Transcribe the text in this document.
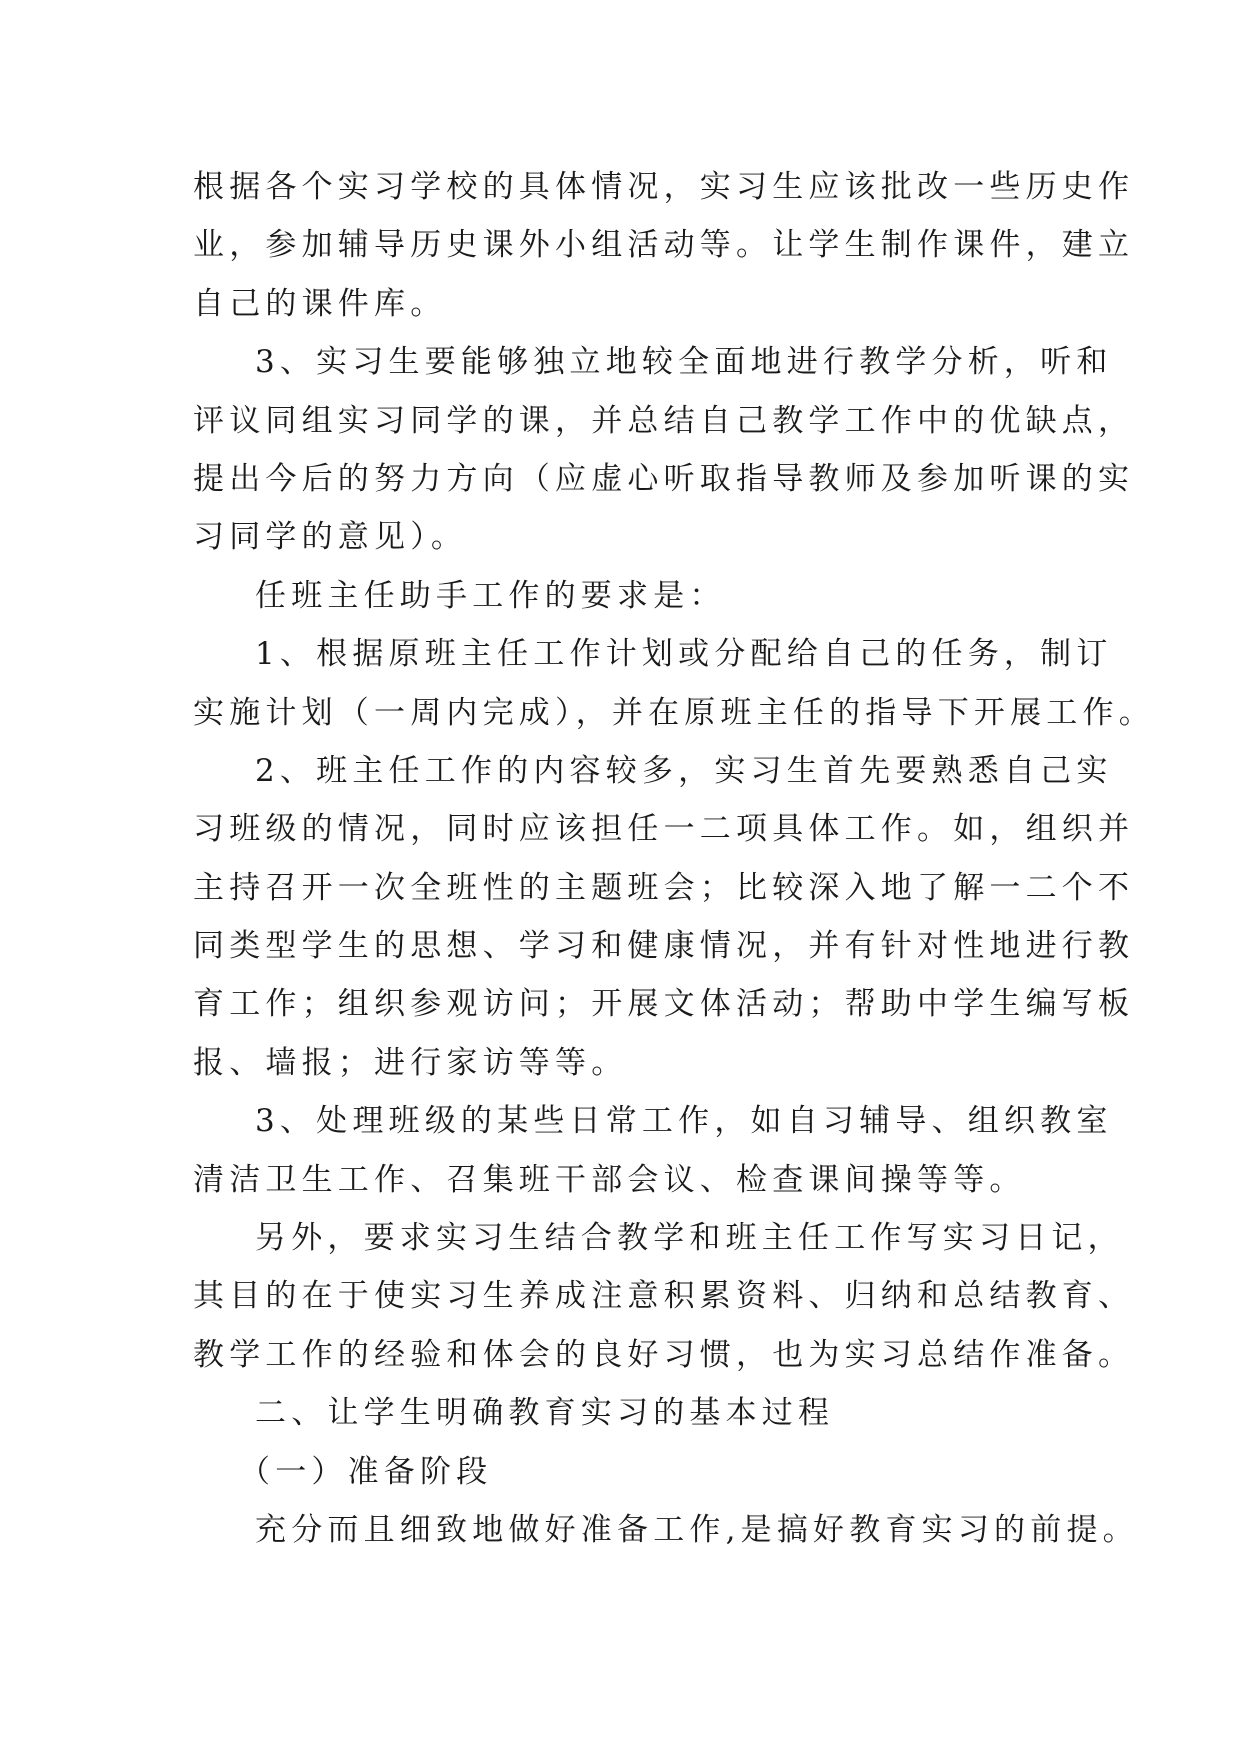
根据各个实习学校的具体情况，实习生应该批改一些历史作
业，参加辅导历史课外小组活动等。让学生制作课件，建立
自己的课件库。
3、实习生要能够独立地较全面地进行教学分析，听和
评议同组实习同学的课，并总结自己教学工作中的优缺点，
提出今后的努力方向（应虚心听取指导教师及参加听课的实
习同学的意见）。
任班主任助手工作的要求是：
1、根据原班主任工作计划或分配给自己的任务，制订
实施计划（一周内完成），并在原班主任的指导下开展工作。
2、班主任工作的内容较多，实习生首先要熟悉自己实
习班级的情况，同时应该担任一二项具体工作。如，组织并
主持召开一次全班性的主题班会；比较深入地了解一二个不
同类型学生的思想、学习和健康情况，并有针对性地进行教
育工作；组织参观访问；开展文体活动；帮助中学生编写板
报、墙报；进行家访等等。
3、处理班级的某些日常工作，如自习辅导、组织教室
清洁卫生工作、召集班干部会议、检查课间操等等。
另外，要求实习生结合教学和班主任工作写实习日记，
其目的在于使实习生养成注意积累资料、归纳和总结教育、
教学工作的经验和体会的良好习惯，也为实习总结作准备。
二、让学生明确教育实习的基本过程
（一）准备阶段
充分而且细致地做好准备工作,是搞好教育实习的前提。
